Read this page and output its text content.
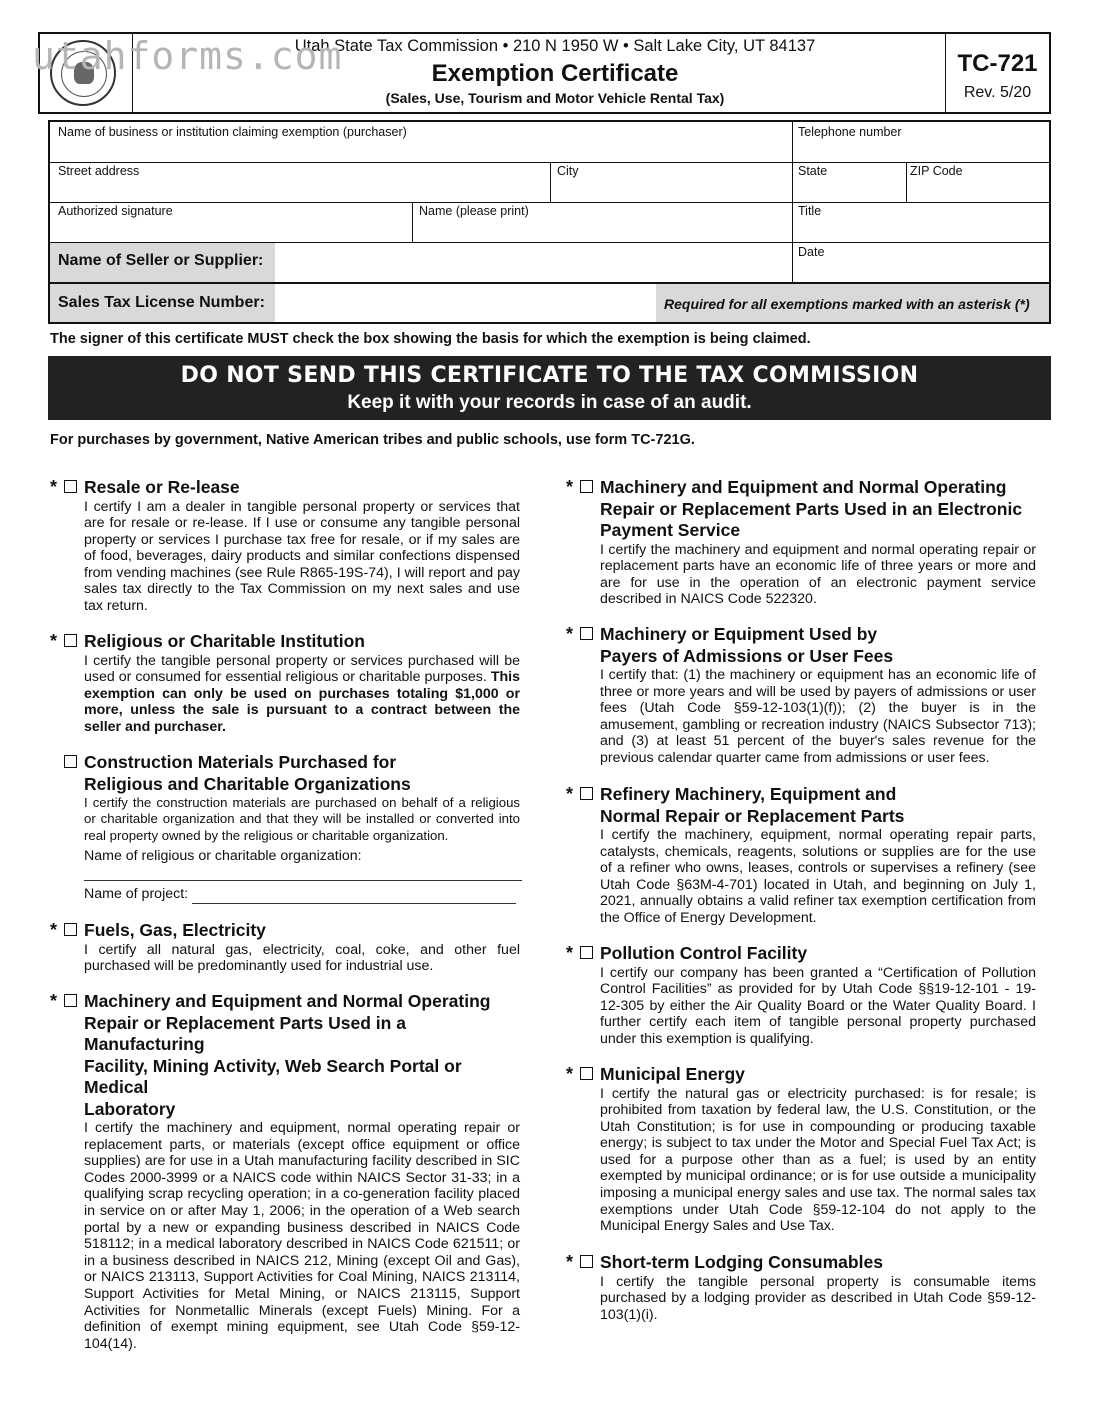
TC-721
Rev. 5/20
Utah State Tax Commission • 210 N 1950 W • Salt Lake City, UT 84137
utahforms.com	Exemption Certificate
(Sales, Use, Tourism and Motor Vehicle Rental Tax)
Name of business or institution claiming exemption (purchaser)	Telephone number
Street address	City	State	ZIP Code
Authorized signature	Name (please print)	Title
Date
Name of Seller or Supplier:
Sales Tax License Number:	Required for all exemptions marked with an asterisk (*)
The signer of this certificate MUST check the box showing the basis for which the exemption is being claimed.
DO NOT SEND THIS CERTIFICATE TO THE TAX COMMISSION
Keep it with your records in case of an audit.
For purchases by government, Native American tribes and public schools, use form TC-721G.
* Resale or Re-lease
I certify I am a dealer in tangible personal property or services that are for resale or re-lease. If I use or consume any tangible personal property or services I purchase tax free for resale, or if my sales are of food, beverages, dairy products and similar confections dispensed from vending machines (see Rule R865-19S-74), I will report and pay sales tax directly to the Tax Commission on my next sales and use tax return.
* Religious or Charitable Institution
I certify the tangible personal property or services purchased will be used or consumed for essential religious or charitable purposes. This exemption can only be used on purchases totaling $1,000 or more, unless the sale is pursuant to a contract between the seller and purchaser.
Construction Materials Purchased for
Religious and Charitable Organizations
I certify the construction materials are purchased on behalf of a religious or charitable organization and that they will be installed or converted into real property owned by the religious or charitable organization.
Name of religious or charitable organization:
Name of project:
* Fuels, Gas, Electricity
I certify all natural gas, electricity, coal, coke, and other fuel purchased will be predominantly used for industrial use.
* Machinery and Equipment and Normal Operating
Repair or Replacement Parts Used in a Manufacturing
Facility, Mining Activity, Web Search Portal or Medical
Laboratory
I certify the machinery and equipment, normal operating repair or replacement parts, or materials (except office equipment or office supplies) are for use in a Utah manufacturing facility described in SIC Codes 2000-3999 or a NAICS code within NAICS Sector 31-33; in a qualifying scrap recycling operation; in a co-generation facility placed in service on or after May 1, 2006; in the operation of a Web search portal by a new or expanding business described in NAICS Code 518112; in a medical laboratory described in NAICS Code 621511; or in a business described in NAICS 212, Mining (except Oil and Gas), or NAICS 213113, Support Activities for Coal Mining, NAICS 213114, Support Activities for Metal Mining, or NAICS 213115, Support Activities for Nonmetallic Minerals (except Fuels) Mining. For a definition of exempt mining equipment, see Utah Code §59-12-104(14).
* Machinery and Equipment and Normal Operating
Repair or Replacement Parts Used in an Electronic
Payment Service
I certify the machinery and equipment and normal operating repair or replacement parts have an economic life of three years or more and are for use in the operation of an electronic payment service described in NAICS Code 522320.
* Machinery or Equipment Used by
Payers of Admissions or User Fees
I certify that: (1) the machinery or equipment has an economic life of three or more years and will be used by payers of admissions or user fees (Utah Code §59-12-103(1)(f)); (2) the buyer is in the amusement, gambling or recreation industry (NAICS Subsector 713); and (3) at least 51 percent of the buyer's sales revenue for the previous calendar quarter came from admissions or user fees.
* Refinery Machinery, Equipment and
Normal Repair or Replacement Parts
I certify the machinery, equipment, normal operating repair parts, catalysts, chemicals, reagents, solutions or supplies are for the use of a refiner who owns, leases, controls or supervises a refinery (see Utah Code §63M-4-701) located in Utah, and beginning on July 1, 2021, annually obtains a valid refiner tax exemption certification from the Office of Energy Development.
* Pollution Control Facility
I certify our company has been granted a “Certification of Pollution Control Facilities” as provided for by Utah Code §§19-12-101 - 19-12-305 by either the Air Quality Board or the Water Quality Board. I further certify each item of tangible personal property purchased under this exemption is qualifying.
* Municipal Energy
I certify the natural gas or electricity purchased: is for resale; is prohibited from taxation by federal law, the U.S. Constitution, or the Utah Constitution; is for use in compounding or producing taxable energy; is subject to tax under the Motor and Special Fuel Tax Act; is used for a purpose other than as a fuel; is used by an entity exempted by municipal ordinance; or is for use outside a municipality imposing a municipal energy sales and use tax. The normal sales tax exemptions under Utah Code §59-12-104 do not apply to the Municipal Energy Sales and Use Tax.
* Short-term Lodging Consumables
I certify the tangible personal property is consumable items purchased by a lodging provider as described in Utah Code §59-12-103(1)(i).
